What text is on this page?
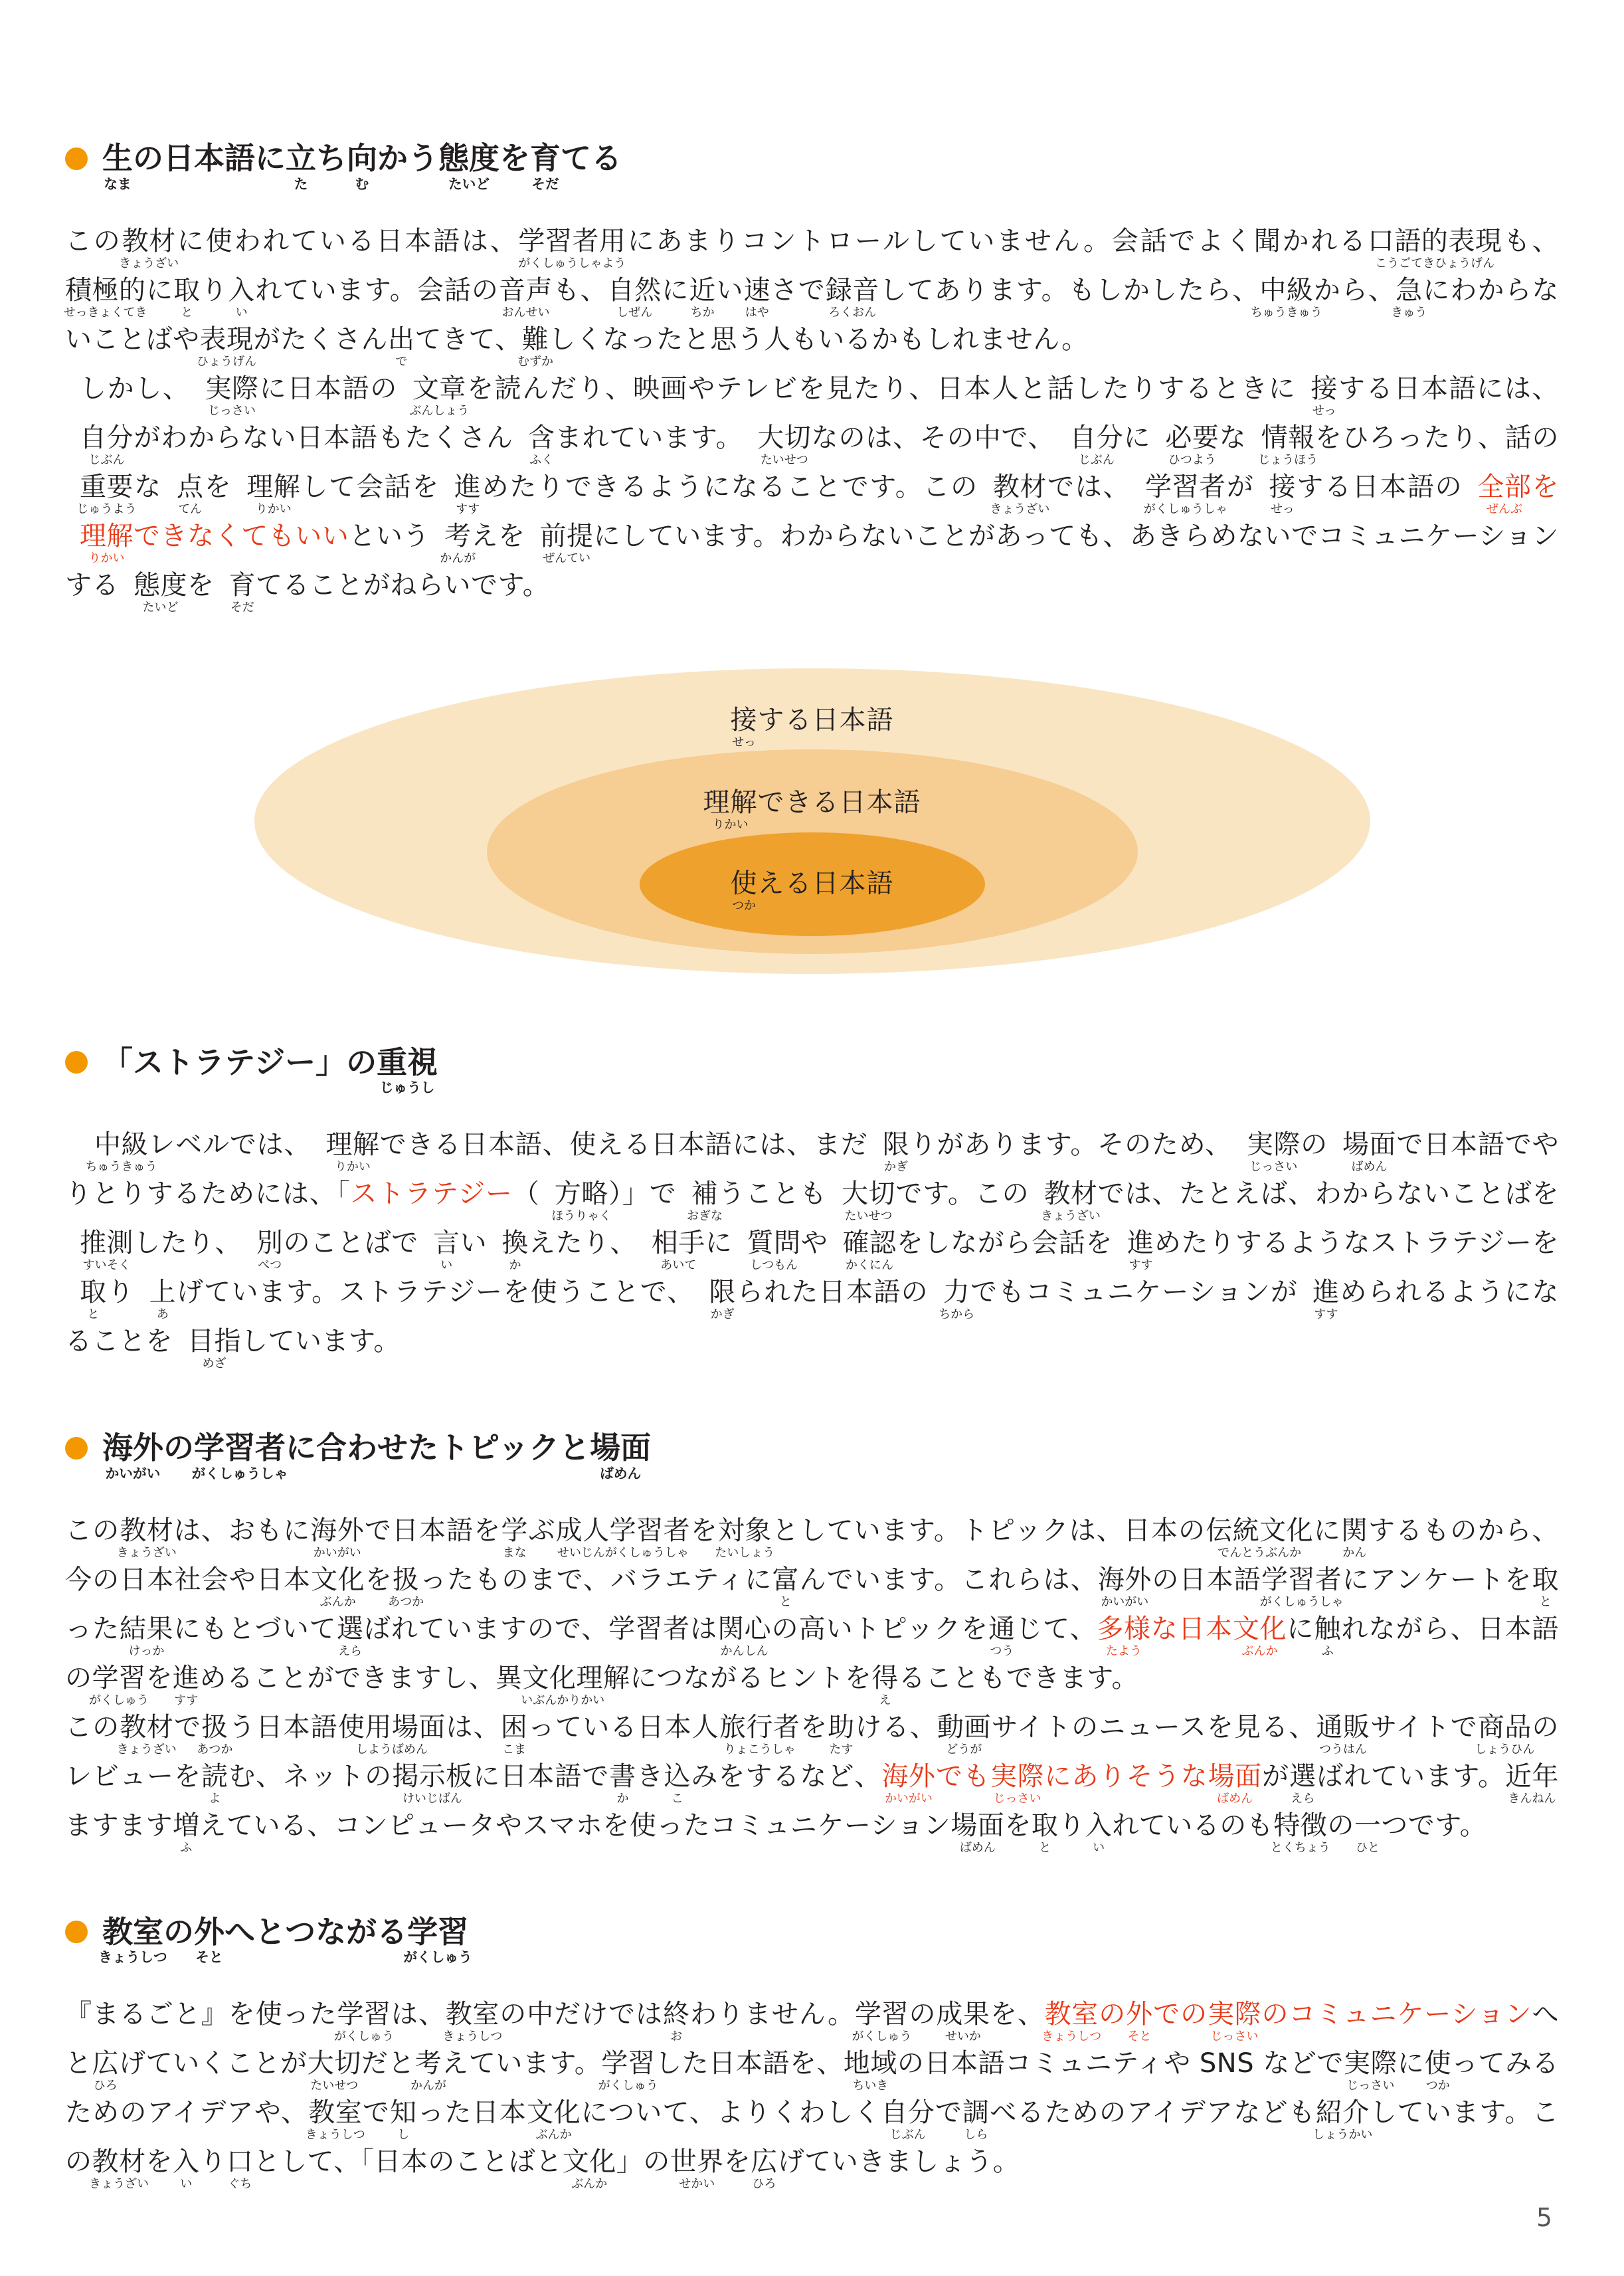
生
なま
の日本語に立
た
ち向
む
かう態度
たいど
を育
そだ
てる

この教材
きょうざい
に使われている日本語は、学習者用
がくしゅうしゃよう
にあまりコントロールしていません。会話でよく聞かれる口語的表現
こうごてきひょうげん
も、積極的
せっきょくてき
に取
と
り入
い
れています。会話の音声
おんせい
も、自然
しぜん
に近
ちか
い速
はや
さで録音
ろくおん
してあります。もしかしたら、中級
ちゅうきゅう
から、急
きゅう
にわからないことばや表現
ひょうげん
がたくさん出
で
てきて、難
むずか
しくなったと思う人もいるかもしれません。

しかし、 実際
じっさい
に日本語の 文章
ぶんしょう
を読んだり、映画やテレビを見たり、日本人と話したりするときに 接
せっ
する日本語には、自分
じぶん
がわからない日本語もたくさん 含
ふく
まれています。 大切
たいせつ
なのは、その中で、 自分
じぶん
に 必要
ひつよう
な 情報
じょうほう
をひろったり、話の重要
じゅうよう
な 点
てん
を 理解
りかい
して会話を 進
すす
めたりできるようになることです。この 教材
きょうざい
では、 学習者
がくしゅうしゃ
が 接
せっ
する日本語の 全部
ぜんぶ
を理解
りかい
できなくてもいいという 考
かんが
えを 前提
ぜんてい
にしています。わからないことがあっても、あきらめないでコミュニケーションする 態度
たいど
を 育
そだ
てることがねらいです。

接
せっ
する日本語
理解
りかい
できる日本語
使
つか
える日本語
「ストラテジー」の重視
じゅうし

中級
ちゅうきゅう
レベルでは、 理解
りかい
できる日本語、使える日本語には、まだ 限
かぎ
りがあります。そのため、 実際
じっさい
の 場面
ばめん
で日本語でやりとりするためには、「ストラテジー（ 方略
ほうりゃく
）」で 補
おぎな
うことも 大切
たいせつ
です。この 教材
きょうざい
では、たとえば、わからないことばを推測
すいそく
したり、 別
べつ
のことばで 言
い
い 換
か
えたり、 相手
あいて
に 質問
しつもん
や 確認
かくにん
をしながら会話を 進
すす
めたりするようなストラテジーを取
と
り 上
あ
げています。ストラテジーを使うことで、 限
かぎ
られた日本語の 力
ちから
でもコミュニケーションが 進
すす
められるようになることを 目指
めざ
しています。

海外
かいがい
の学習者
がくしゅうしゃ
に合わせたトピックと場面
ばめん

この教材
きょうざい
は、おもに海外
かいがい
で日本語を学
まな
ぶ成人学習者
せいじんがくしゅうしゃ
を対象
たいしょう
としています。トピックは、日本の伝統文化
でんとうぶんか
に関
かん
するものから、今の日本社会や日本文化
ぶんか
を扱
あつか
ったものまで、バラエティに富
と
んでいます。これらは、海外
かいがい
の日本語学習者
がくしゅうしゃ
にアンケートを取
と
った結果
けっか
にもとづいて選
えら
ばれていますので、学習者は関心
かんしん
の高いトピックを通
つう
じて、多様
たよう
な日本文化
ぶんか
に触
ふ
れながら、日本語の学習
がくしゅう
を進
すす
めることができますし、異文化理解
いぶんかりかい
につながるヒントを得
え
ることもできます。

この教材
きょうざい
で扱
あつか
う日本語使用場面
しようばめん
は、困
こま
っている日本人旅行者
りょこうしゃ
を助
たす
ける、動画
どうが
サイトのニュースを見る、通販
つうはん
サイトで商品
しょうひん
のレビューを読
よ
む、ネットの掲示板
けいじばん
に日本語で書
か
き込
こ
みをするなど、海外
かいがい
でも実際
じっさい
にありそうな場面
ばめん
が選
えら
ばれています。近年
きんねん
ますます増
ふ
えている、コンピュータやスマホを使ったコミュニケーション場面
ばめん
を取
と
り入
い
れているのも特徴
とくちょう
の一
ひと
つです。

教室
きょうしつ
の外
そと
へとつながる学習
がくしゅう

『まるごと』を使った学習
がくしゅう
は、教室
きょうしつ
の中だけでは終
お
わりません。学習
がくしゅう
の成果
せいか
を、教室
きょうしつ
の外
そと
での実際
じっさい
のコミュニケーションへと広
ひろ
げていくことが大切
たいせつ
だと考
かんが
えています。学習
がくしゅう
した日本語を、地域
ちいき
の日本語コミュニティや SNS などで実際
じっさい
に使
つか
ってみるためのアイデアや、教室
きょうしつ
で知
し
った日本文化
ぶんか
について、よりくわしく自分
じぶん
で調
しら
べるためのアイデアなども紹介
しょうかい
しています。この教材
きょうざい
を入
い
り口
ぐち
として、「日本のことばと文化
ぶんか
」の世界
せかい
を広
ひろ
げていきましょう。

5
